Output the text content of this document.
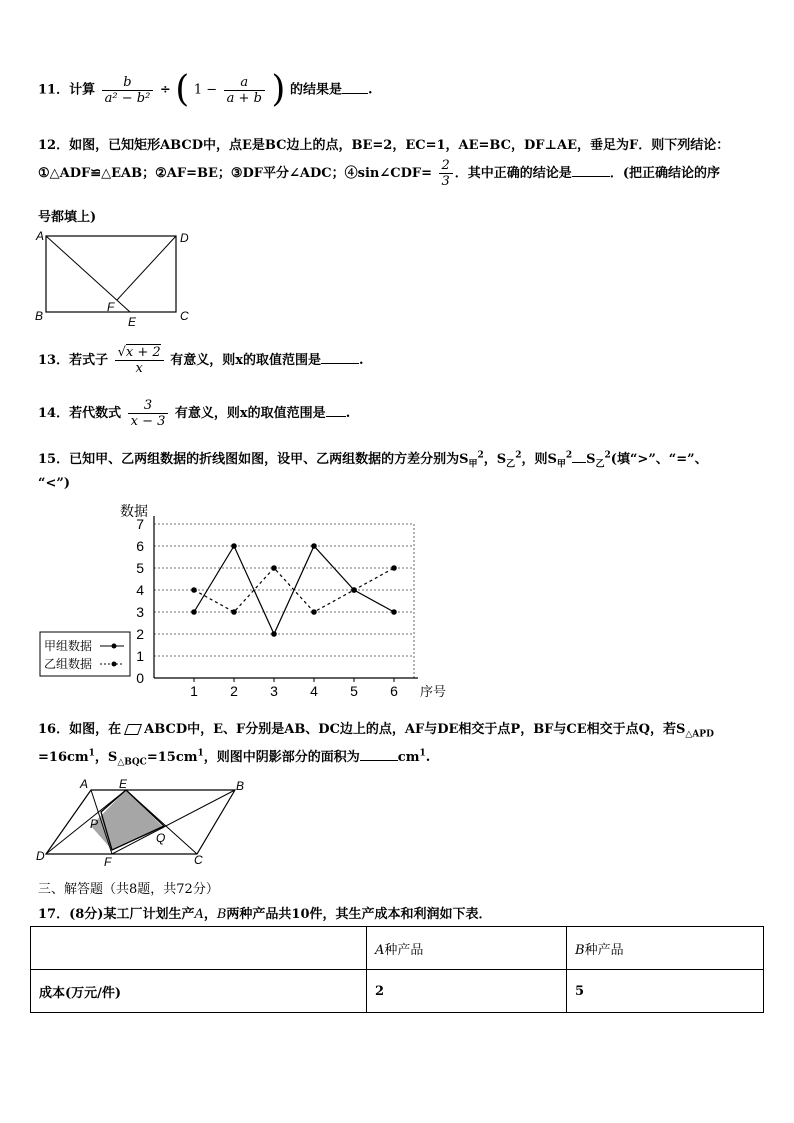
11．计算 $\frac{b}{\text{a² − b²}}$ ÷ ( $1 - \frac{a}{a + b}$ ) 的结果是 .
12．如图，已知矩形ABCD中，点E是BC边上的点，BE=2，EC=1，AE=BC，DF⊥AE，垂足为F．则下列结论：
①△ADF≌△EAB；②AF=BE；③DF平分∠ADC；④sin∠CDF= $\frac{2}{3}$ ．其中正确的结论是	．(把正确结论的序
号都填上)
A	D
B
F
E	C
13．若式子 $\frac{√x + 2}{x}$ 有意义，则x的取值范围是	.
14．若代数式 $\frac{3}{x - 3}$ 有意义，则x的取值范围是 .
15．已知甲、乙两组数据的折线图如图，设甲、乙两组数据的方差分别为$S_甲^2$，$S_乙^2$，则$S_甲^2$ $S_乙^2$(填“>”、“=”、
“<”)
0
1
2
3
4
5
6
7
1 2 3 4 5 6
数据
序号
甲组数据
乙组数据
16．如图，在 ABCD中，E、F分别是AB、DC边上的点，AF与DE相交于点P，BF与CE相交于点Q，若$S_{\triangle APD}$
$=16cm^1$，$S_{\triangle BQC}=15cm^1$，则图中阴影部分的面积为	$cm^1$.
A	E	B
P
Q
D	F	C
三、解答题（共8题，共72分）
17．(8分)某工厂计划生产A，B两种产品共10件，其生产成本和利润如下表．
	A种产品	B种产品
成本(万元/件)	2	5
